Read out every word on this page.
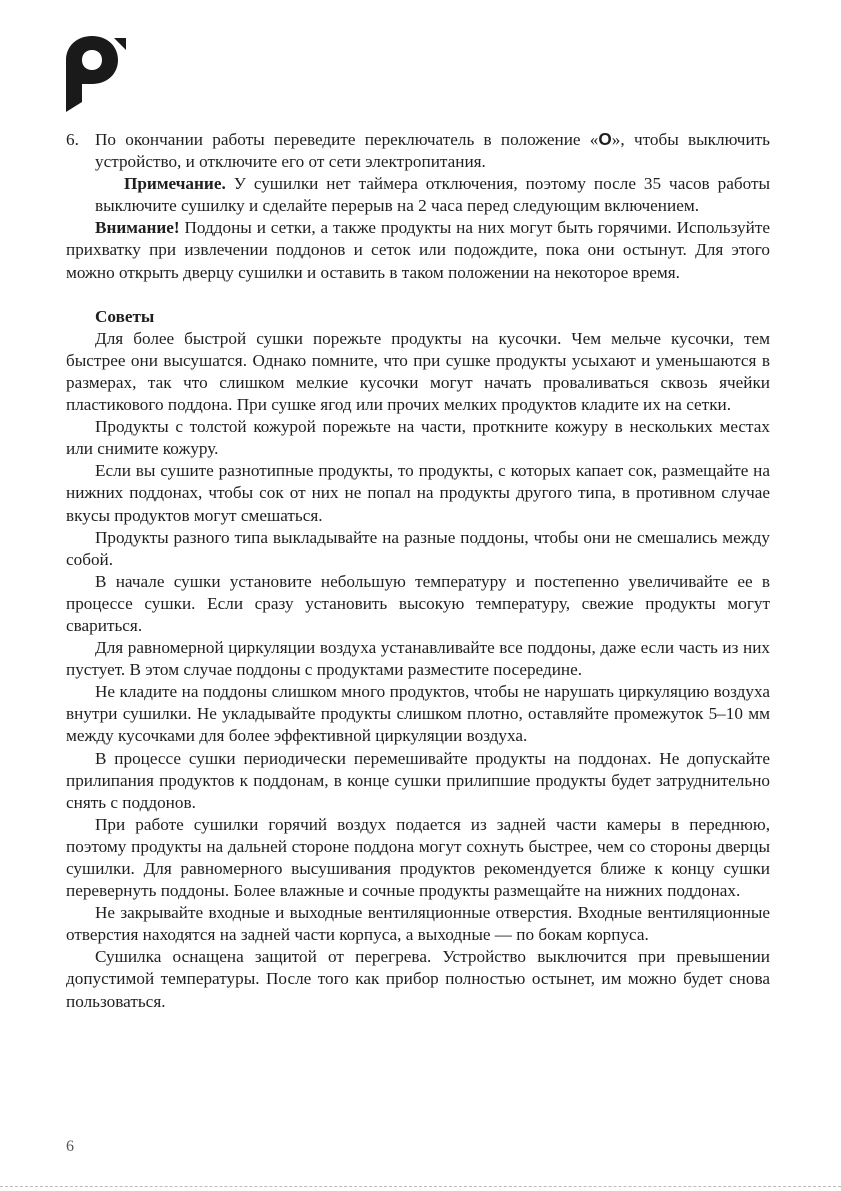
6. По окончании работы переведите переключатель в положение «O», чтобы выключить устройство, и отключите его от сети электропитания.

Примечание. У сушилки нет таймера отключения, поэтому после 35 часов работы выключите сушилку и сделайте перерыв на 2 часа перед следующим включением.

Внимание! Поддоны и сетки, а также продукты на них могут быть горячими. Используйте прихватку при извлечении поддонов и сеток или подождите, пока они остынут. Для этого можно открыть дверцу сушилки и оставить в таком положении на некоторое время.

Советы

Для более быстрой сушки порежьте продукты на кусочки. Чем мельче кусочки, тем быстрее они высушатся. Однако помните, что при сушке продукты усыхают и уменьшаются в размерах, так что слишком мелкие кусочки могут начать проваливаться сквозь ячейки пластикового поддона. При сушке ягод или прочих мелких продуктов кладите их на сетки.

Продукты с толстой кожурой порежьте на части, проткните кожуру в нескольких местах или снимите кожуру.

Если вы сушите разнотипные продукты, то продукты, с которых капает сок, размещайте на нижних поддонах, чтобы сок от них не попал на продукты другого типа, в противном случае вкусы продуктов могут смешаться.

Продукты разного типа выкладывайте на разные поддоны, чтобы они не смешались между собой.

В начале сушки установите небольшую температуру и постепенно увеличивайте ее в процессе сушки. Если сразу установить высокую температуру, свежие продукты могут свариться.

Для равномерной циркуляции воздуха устанавливайте все поддоны, даже если часть из них пустует. В этом случае поддоны с продуктами разместите посередине.

Не кладите на поддоны слишком много продуктов, чтобы не нарушать циркуляцию воздуха внутри сушилки. Не укладывайте продукты слишком плотно, оставляйте промежуток 5–10 мм между кусочками для более эффективной циркуляции воздуха.

В процессе сушки периодически перемешивайте продукты на поддонах. Не допускайте прилипания продуктов к поддонам, в конце сушки прилипшие продукты будет затруднительно снять с поддонов.

При работе сушилки горячий воздух подается из задней части камеры в переднюю, поэтому продукты на дальней стороне поддона могут сохнуть быстрее, чем со стороны дверцы сушилки. Для равномерного высушивания продуктов рекомендуется ближе к концу сушки перевернуть поддоны. Более влажные и сочные продукты размещайте на нижних поддонах.

Не закрывайте входные и выходные вентиляционные отверстия. Входные вентиляционные отверстия находятся на задней части корпуса, а выходные — по бокам корпуса.

Сушилка оснащена защитой от перегрева. Устройство выключится при превышении допустимой температуры. После того как прибор полностью остынет, им можно будет снова пользоваться.

6
